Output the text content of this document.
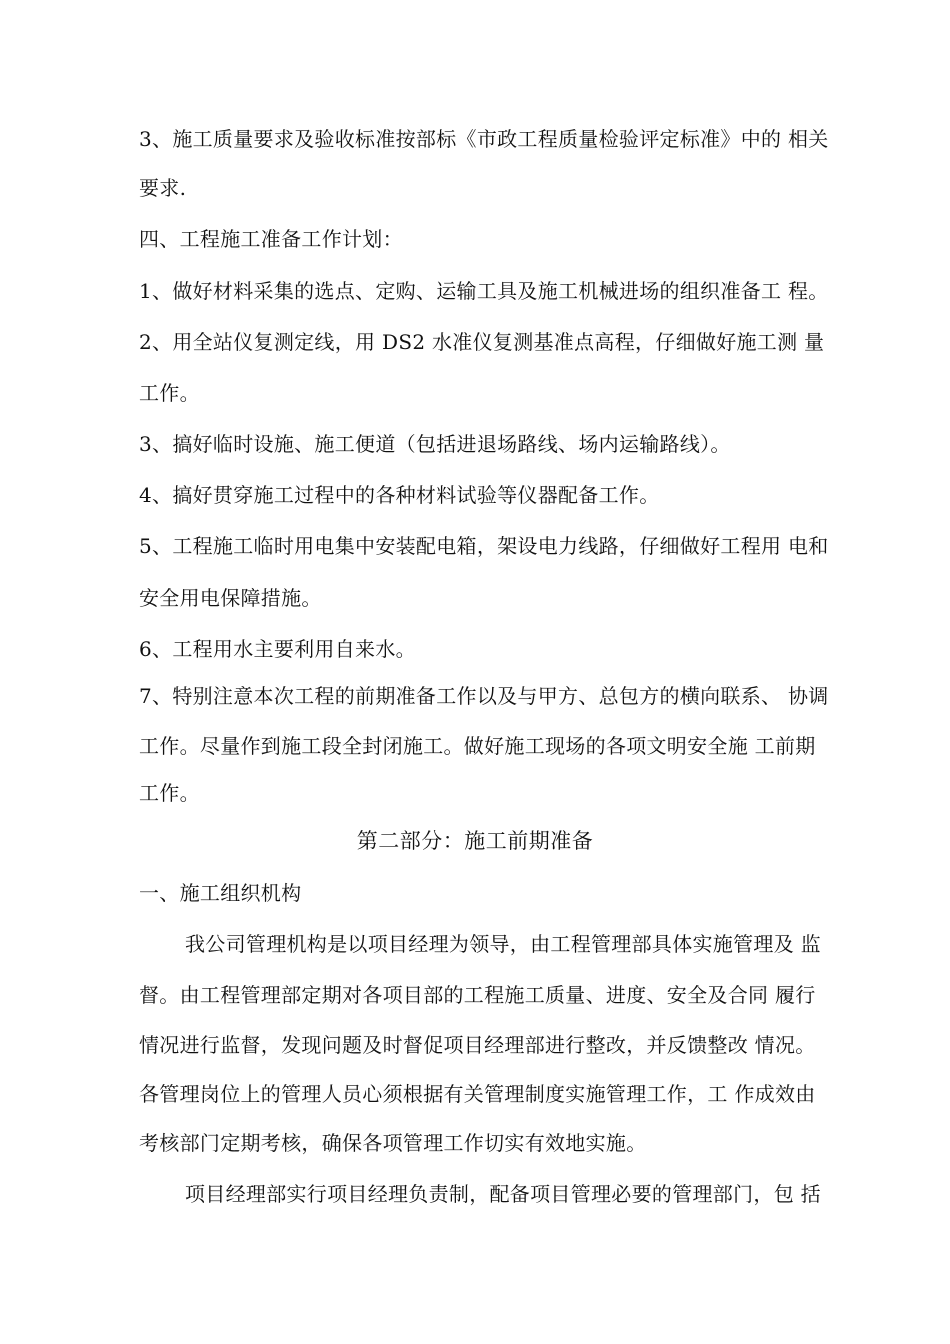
3、施工质量要求及验收标准按部标《市政工程质量检验评定标准》中的 相关
要求.
四、工程施工准备工作计划：
1、做好材料采集的选点、定购、运输工具及施工机械进场的组织准备工 程。
2、用全站仪复测定线，用 DS2 水准仪复测基准点高程，仔细做好施工测 量
工作。
3、搞好临时设施、施工便道（包括进退场路线、场内运输路线）。
4、搞好贯穿施工过程中的各种材料试验等仪器配备工作。
5、工程施工临时用电集中安装配电箱，架设电力线路，仔细做好工程用 电和
安全用电保障措施。
6、工程用水主要利用自来水。
7、特别注意本次工程的前期准备工作以及与甲方、总包方的横向联系、 协调
工作。尽量作到施工段全封闭施工。做好施工现场的各项文明安全施 工前期
工作。
第二部分：施工前期准备
一、施工组织机构
我公司管理机构是以项目经理为领导，由工程管理部具体实施管理及 监
督。由工程管理部定期对各项目部的工程施工质量、进度、安全及合同 履行
情况进行监督，发现问题及时督促项目经理部进行整改，并反馈整改 情况。
各管理岗位上的管理人员心须根据有关管理制度实施管理工作，工 作成效由
考核部门定期考核，确保各项管理工作切实有效地实施。
项目经理部实行项目经理负责制，配备项目管理必要的管理部门，包 括
